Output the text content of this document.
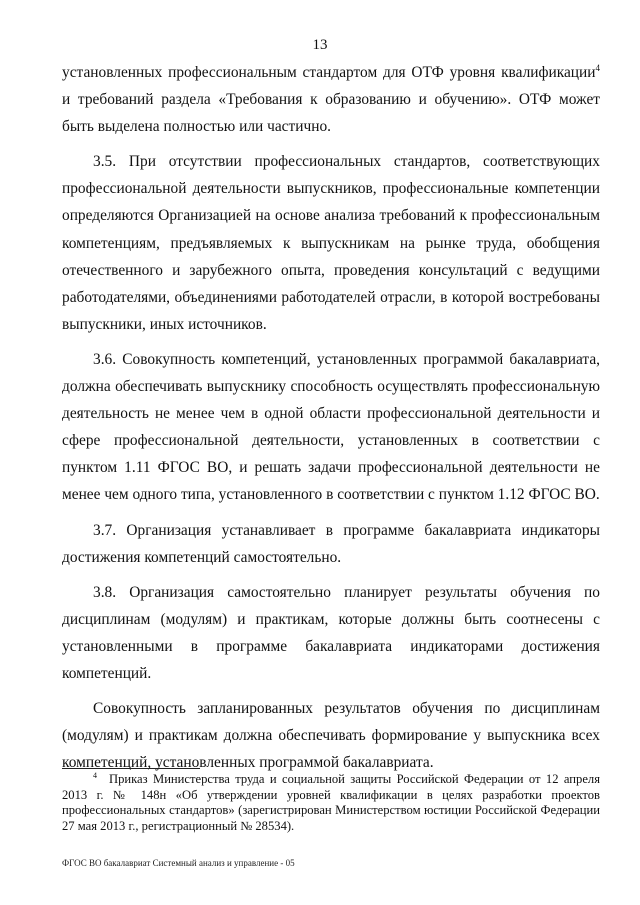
13

установленных профессиональным стандартом для ОТФ уровня квалификации$^4$ и требований раздела «Требования к образованию и обучению». ОТФ может быть выделена полностью или частично.

3.5. При отсутствии профессиональных стандартов, соответствующих профессиональной деятельности выпускников, профессиональные компетенции определяются Организацией на основе анализа требований к профессиональным компетенциям, предъявляемых к выпускникам на рынке труда, обобщения отечественного и зарубежного опыта, проведения консультаций с ведущими работодателями, объединениями работодателей отрасли, в которой востребованы выпускники, иных источников.

3.6. Совокупность компетенций, установленных программой бакалавриата, должна обеспечивать выпускнику способность осуществлять профессиональную деятельность не менее чем в одной области профессиональной деятельности и сфере профессиональной деятельности, установленных в соответствии с пунктом 1.11 ФГОС ВО, и решать задачи профессиональной деятельности не менее чем одного типа, установленного в соответствии с пунктом 1.12 ФГОС ВО.

3.7. Организация устанавливает в программе бакалавриата индикаторы достижения компетенций самостоятельно.

3.8. Организация самостоятельно планирует результаты обучения по дисциплинам (модулям) и практикам, которые должны быть соотнесены с установленными в программе бакалавриата индикаторами достижения компетенций.

Совокупность запланированных результатов обучения по дисциплинам (модулям) и практикам должна обеспечивать формирование у выпускника всех компетенций, установленных программой бакалавриата.

$^4$ Приказ Министерства труда и социальной защиты Российской Федерации от 12 апреля 2013 г. № 148н «Об утверждении уровней квалификации в целях разработки проектов профессиональных стандартов» (зарегистрирован Министерством юстиции Российской Федерации 27 мая 2013 г., регистрационный № 28534).
ФГОС ВО бакалавриат Системный анализ и управление - 05
